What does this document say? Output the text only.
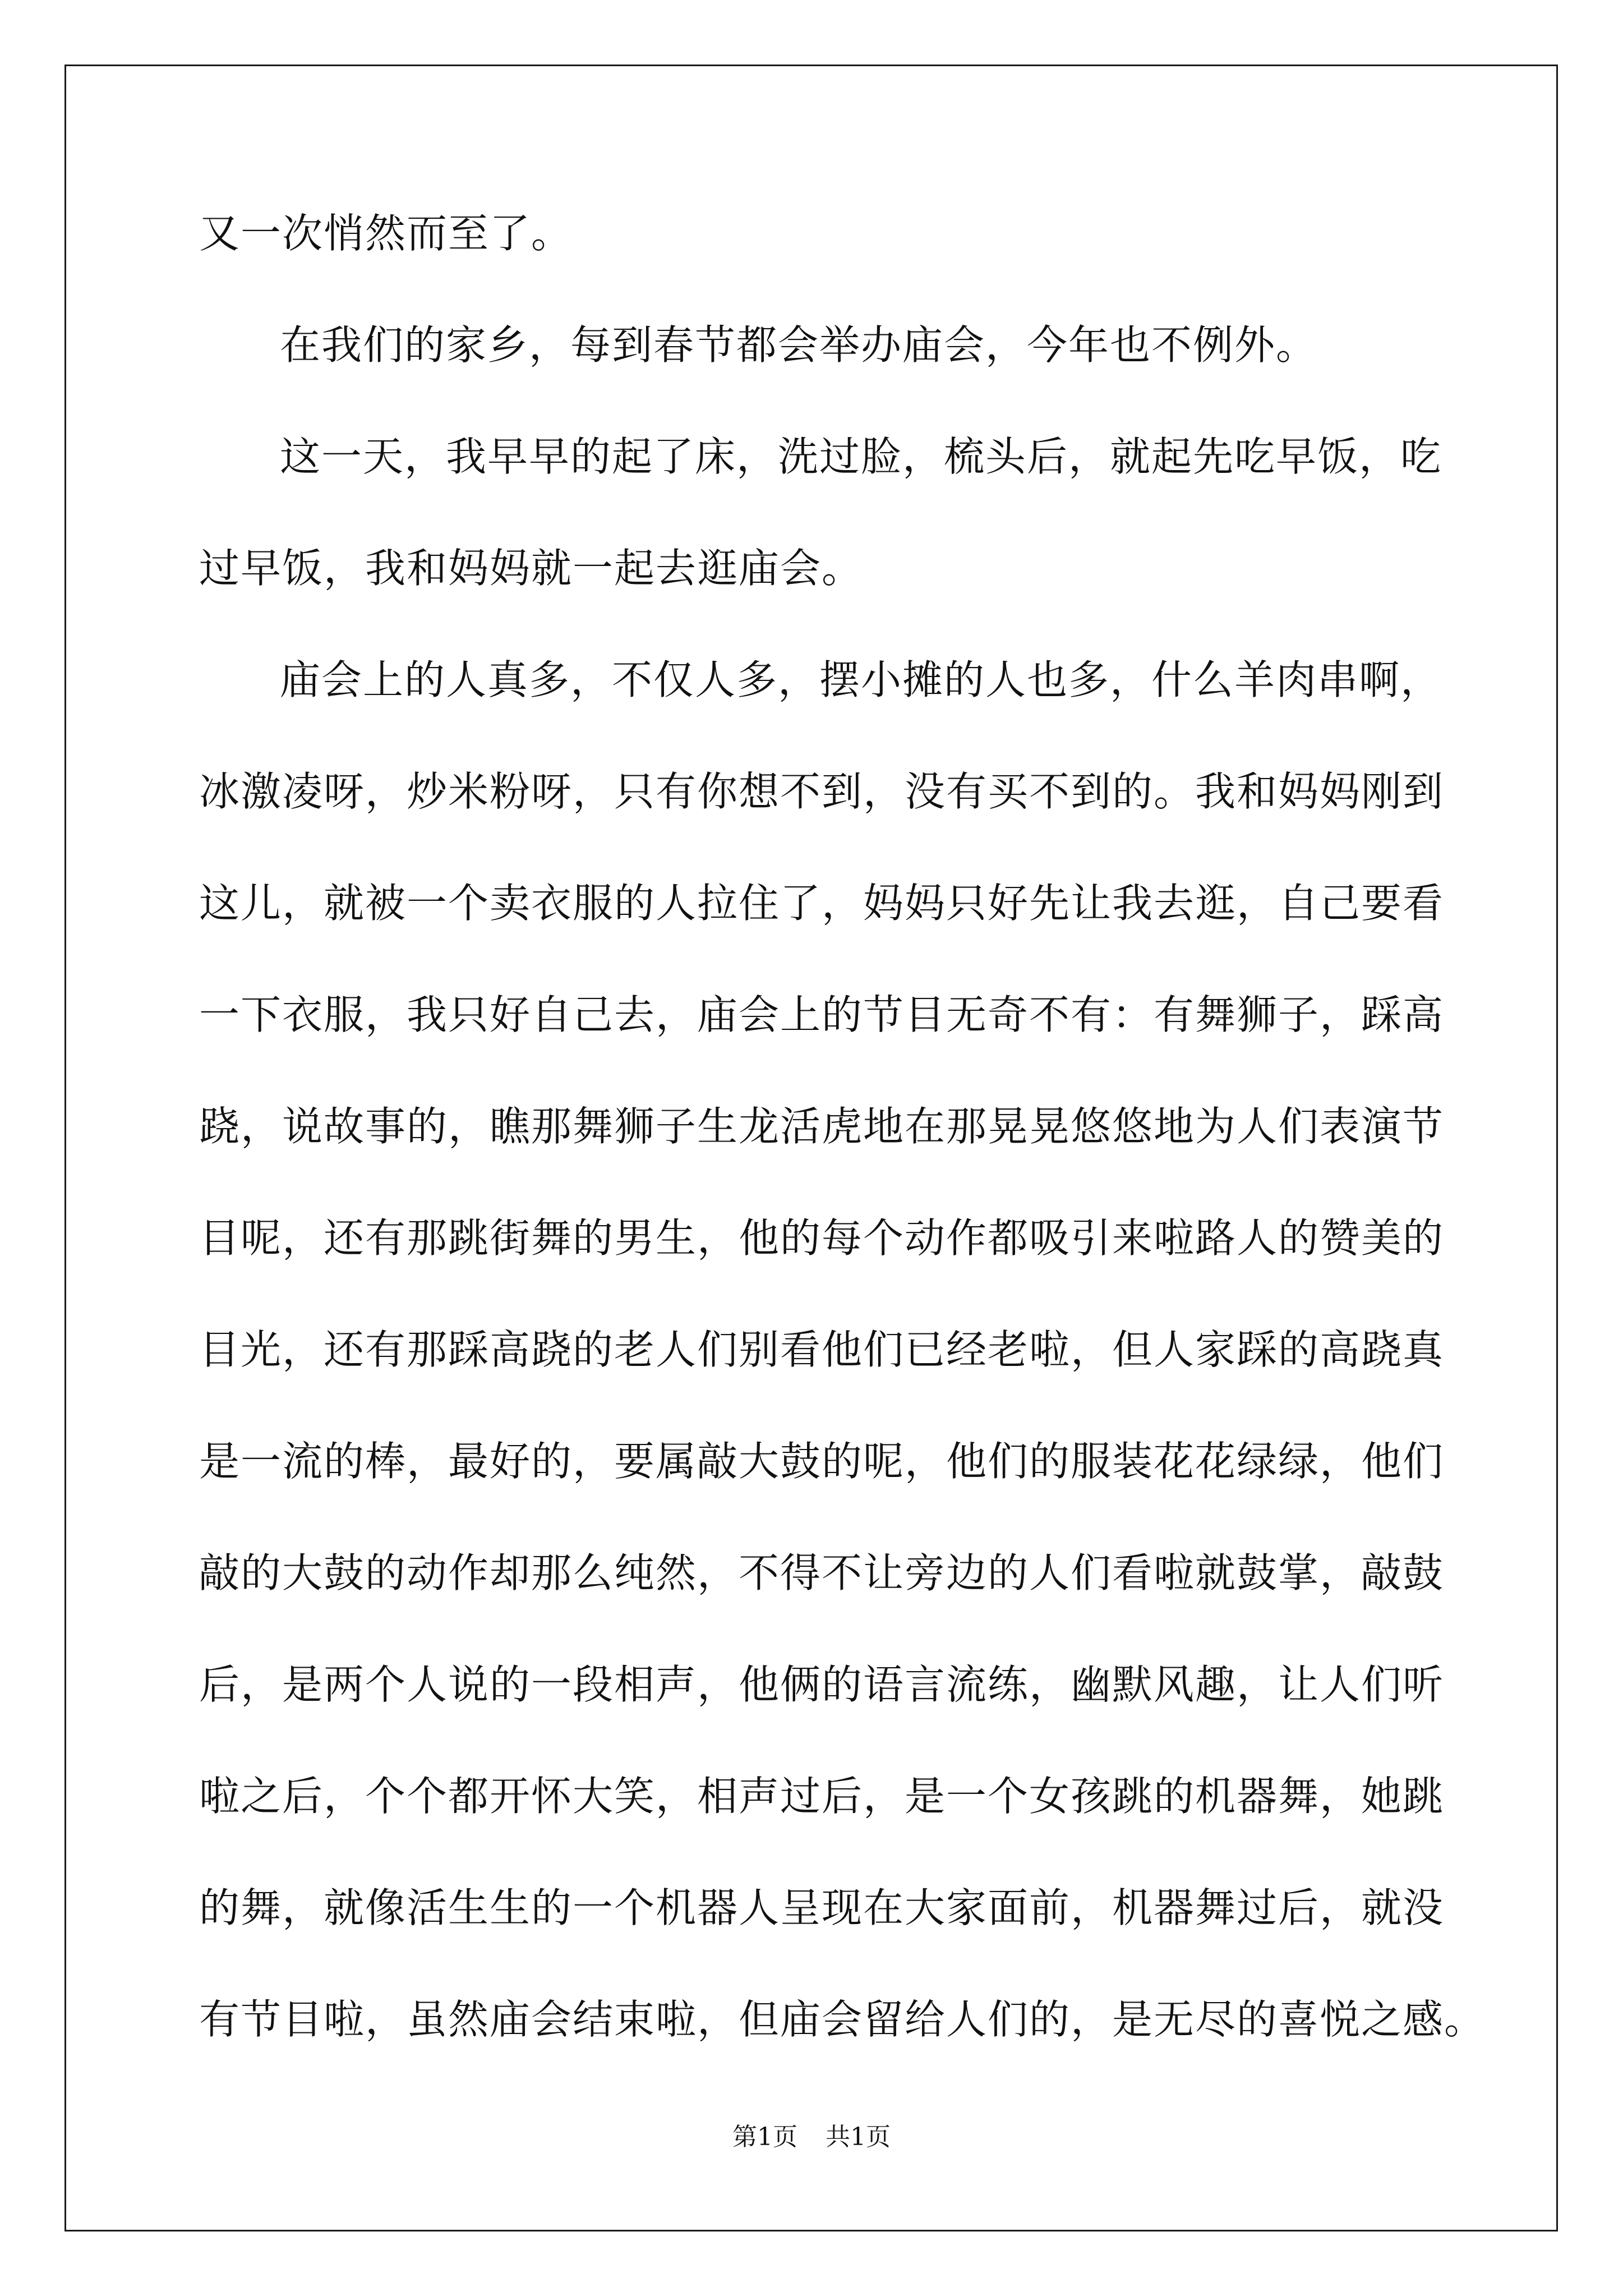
又一次悄然而至了。
在我们的家乡，每到春节都会举办庙会，今年也不例外。
这一天，我早早的起了床，洗过脸，梳头后，就起先吃早饭，吃
过早饭，我和妈妈就一起去逛庙会。
庙会上的人真多，不仅人多，摆小摊的人也多，什么羊肉串啊，
冰激凌呀，炒米粉呀，只有你想不到，没有买不到的。我和妈妈刚到
这儿，就被一个卖衣服的人拉住了，妈妈只好先让我去逛，自己要看
一下衣服，我只好自己去，庙会上的节目无奇不有：有舞狮子，踩高
跷，说故事的，瞧那舞狮子生龙活虎地在那晃晃悠悠地为人们表演节
目呢，还有那跳街舞的男生，他的每个动作都吸引来啦路人的赞美的
目光，还有那踩高跷的老人们别看他们已经老啦，但人家踩的高跷真
是一流的棒，最好的，要属敲大鼓的呢，他们的服装花花绿绿，他们
敲的大鼓的动作却那么纯然，不得不让旁边的人们看啦就鼓掌，敲鼓
后，是两个人说的一段相声，他俩的语言流练，幽默风趣，让人们听
啦之后，个个都开怀大笑，相声过后，是一个女孩跳的机器舞，她跳
的舞，就像活生生的一个机器人呈现在大家面前，机器舞过后，就没
有节目啦，虽然庙会结束啦，但庙会留给人们的，是无尽的喜悦之感。
第1页 共1页
